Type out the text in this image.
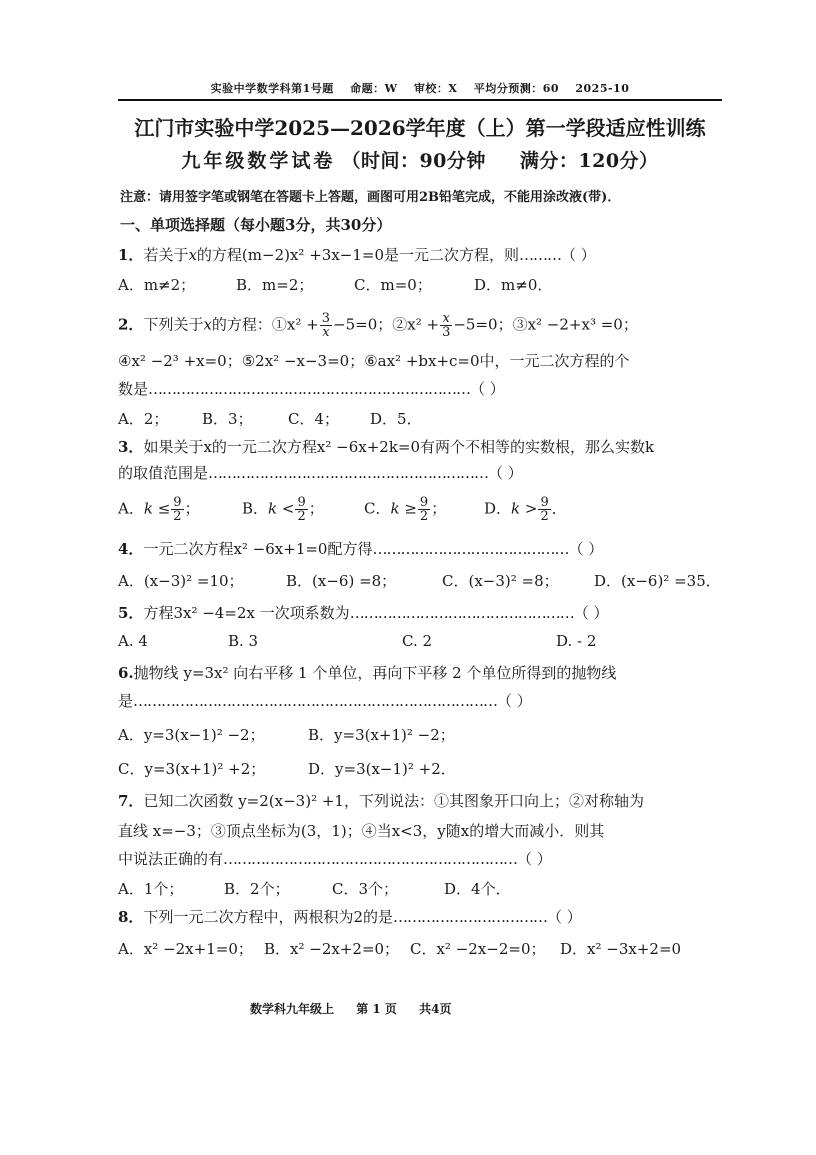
实验中学数学科第1号题 命题：W 审校：X 平均分预测：60 2025-10
江门市实验中学2025—2026学年度（上）第一学段适应性训练
九年级数学试卷 （时间：90分钟 满分：120分）
注意：请用签字笔或钢笔在答题卡上答题，画图可用2B铅笔完成，不能用涂改液(带)．
一、单项选择题（每小题3分，共30分）
1．若关于x的方程(m−2)x² +3x−1=0是一元二次方程，则………（ ）
A．m≠2；	B．m=2；	C．m=0；	D．m≠0．
2．下列关于x的方程：①x² + $\frac{3}{x} -5=0$；②x² + $\frac{x}{3} -5=0$；③x² −2+x³ =0；
④x² −2³ +x=0；⑤2x² −x−3=0；⑥ax² +bx+c=0中，一元二次方程的个
数是……………………………………………………………（ ）
A．2； B．3； C．4； D．5．
3．如果关于x的一元二次方程x² −6x+2k=0有两个不相等的实数根，那么实数k
的取值范围是……………………………………………………（ ）
A．$k \le \frac{9}{2}$ ；	B．$k < \frac{9}{2}$ ；	C．$k \ge \frac{9}{2}$ ；	D．$k > \frac{9}{2}$ ．
4．一元二次方程x² −6x+1=0配方得……………………………………（ ）
A．(x−3)² =10；	B．(x−6) =8；	C．(x−3)² =8； D．(x−6)² =35．
5．方程3x² −4=2x 一次项系数为…………………………………………（ ）
A. 4	B. 3	C. 2	D. - 2
6.抛物线 y=3x² 向右平移 1 个单位，再向下平移 2 个单位所得到的抛物线
是……………………………………………………………………（ ）
A．y=3(x−1)² −2；	B．y=3(x+1)² −2；
C．y=3(x+1)² +2；	D．y=3(x−1)² +2．
7．已知二次函数 y=2(x−3)² +1，下列说法：①其图象开口向上；②对称轴为
直线 x=−3；③顶点坐标为(3，1)；④当x<3，y随x的增大而减小．则其
中说法正确的有………………………………………………………（ ）
A．1个；	B．2个；	C．3个；	D．4个．
8．下列一元二次方程中，两根积为2的是……………………………（ ）
A．x² −2x+1=0； B．x² −2x+2=0； C．x² −2x−2=0； D．x² −3x+2=0
数学科九年级上 第 1 页 共4页
